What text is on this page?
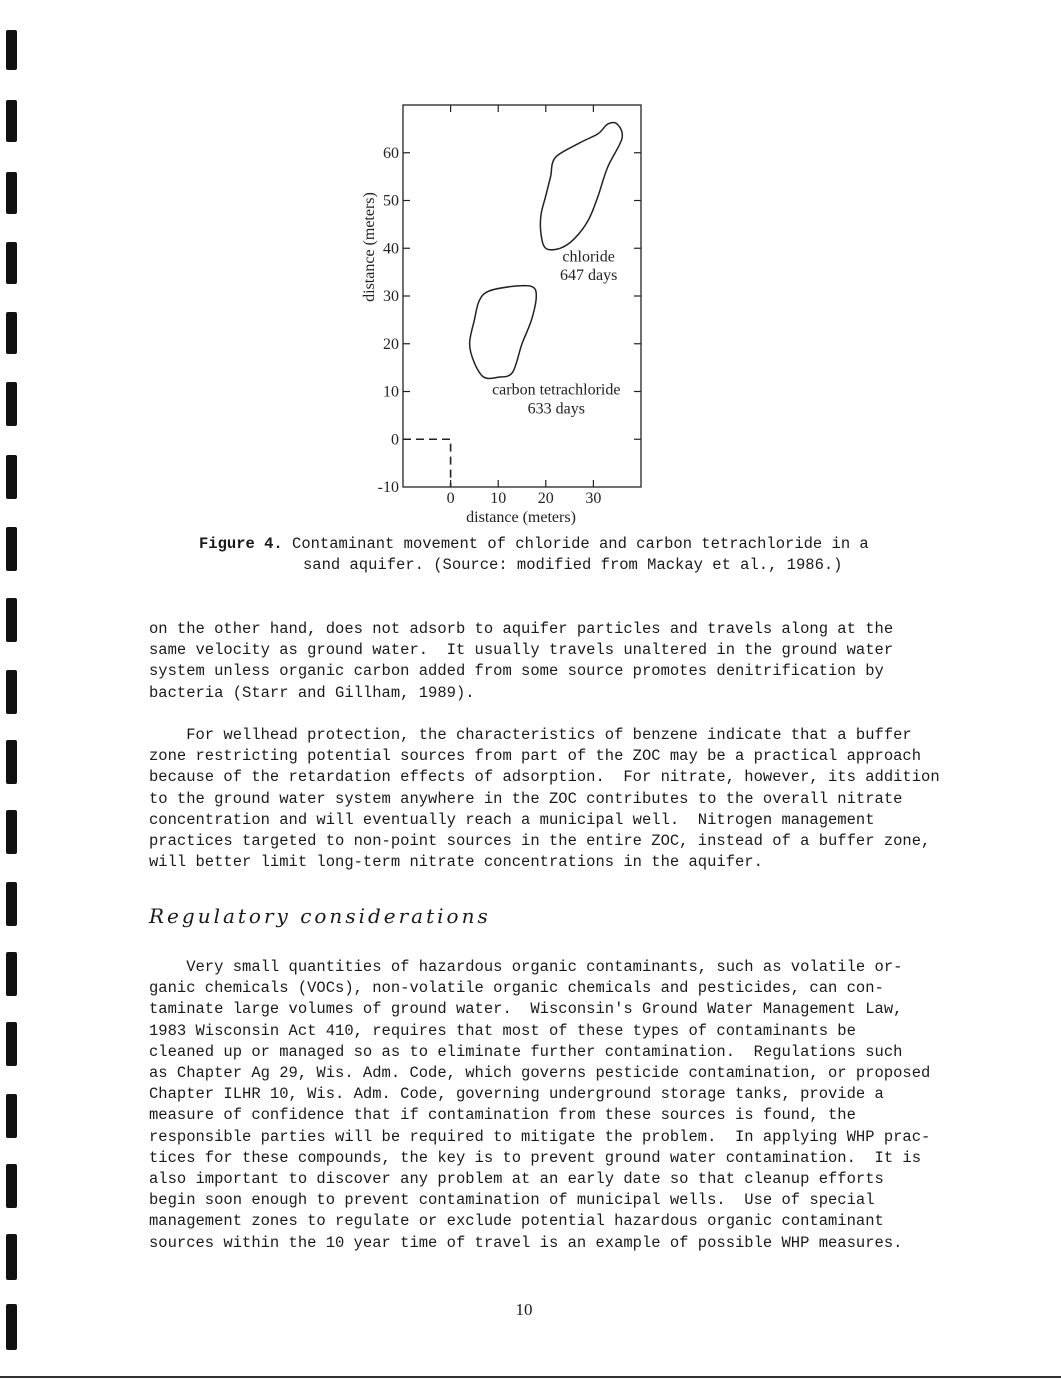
-10
0
10
20
30
40
50
60
0 10 20 30
chloride
647 days
carbon tetrachloride
633 days
distance (meters)
distance (meters)

Figure 4. Contaminant movement of chloride and carbon tetrachloride in a
sand aquifer. (Source: modified from Mackay et al., 1986.)

on the other hand, does not adsorb to aquifer particles and travels along at the
same velocity as ground water.  It usually travels unaltered in the ground water
system unless organic carbon added from some source promotes denitrification by
bacteria (Starr and Gillham, 1989).

For wellhead protection, the characteristics of benzene indicate that a buffer
zone restricting potential sources from part of the ZOC may be a practical approach
because of the retardation effects of adsorption.  For nitrate, however, its addition
to the ground water system anywhere in the ZOC contributes to the overall nitrate
concentration and will eventually reach a municipal well.  Nitrogen management
practices targeted to non-point sources in the entire ZOC, instead of a buffer zone,
will better limit long-term nitrate concentrations in the aquifer.

Regulatory considerations

Very small quantities of hazardous organic contaminants, such as volatile or-
ganic chemicals (VOCs), non-volatile organic chemicals and pesticides, can con-
taminate large volumes of ground water.  Wisconsin's Ground Water Management Law,
1983 Wisconsin Act 410, requires that most of these types of contaminants be
cleaned up or managed so as to eliminate further contamination.  Regulations such
as Chapter Ag 29, Wis. Adm. Code, which governs pesticide contamination, or proposed
Chapter ILHR 10, Wis. Adm. Code, governing underground storage tanks, provide a
measure of confidence that if contamination from these sources is found, the
responsible parties will be required to mitigate the problem.  In applying WHP prac-
tices for these compounds, the key is to prevent ground water contamination.  It is
also important to discover any problem at an early date so that cleanup efforts
begin soon enough to prevent contamination of municipal wells.  Use of special
management zones to regulate or exclude potential hazardous organic contaminant
sources within the 10 year time of travel is an example of possible WHP measures.

10
